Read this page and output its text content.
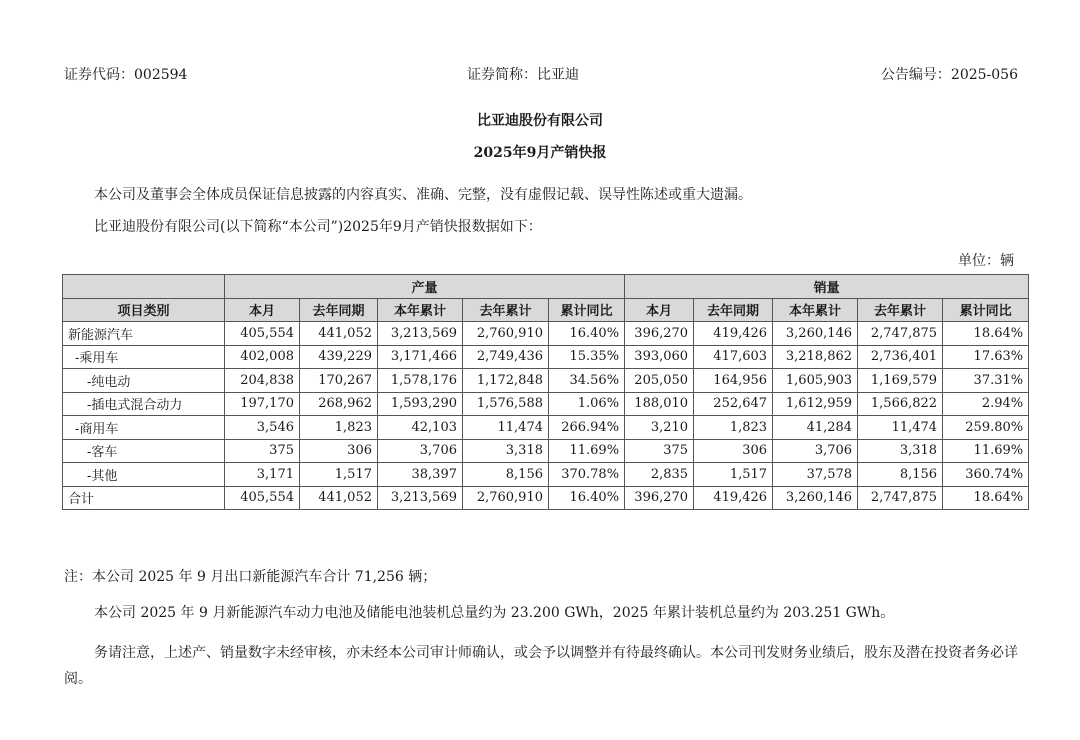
证券代码：002594	证券简称：比亚迪	公告编号：2025-056
比亚迪股份有限公司
2025年9月产销快报
本公司及董事会全体成员保证信息披露的内容真实、准确、完整，没有虚假记载、误导性陈述或重大遗漏。
比亚迪股份有限公司(以下简称“本公司”)2025年9月产销快报数据如下：
单位：辆
	产量					销量				
项目类别	本月	去年同期	本年累计	去年累计	累计同比	本月	去年同期	本年累计	去年累计	累计同比
新能源汽车	405,554	441,052	3,213,569	2,760,910	16.40%	396,270	419,426	3,260,146	2,747,875	18.64%
-乘用车	402,008	439,229	3,171,466	2,749,436	15.35%	393,060	417,603	3,218,862	2,736,401	17.63%
-纯电动	204,838	170,267	1,578,176	1,172,848	34.56%	205,050	164,956	1,605,903	1,169,579	37.31%
-插电式混合动力	197,170	268,962	1,593,290	1,576,588	1.06%	188,010	252,647	1,612,959	1,566,822	2.94%
-商用车	3,546	1,823	42,103	11,474	266.94%	3,210	1,823	41,284	11,474	259.80%
-客车	375	306	3,706	3,318	11.69%	375	306	3,706	3,318	11.69%
-其他	3,171	1,517	38,397	8,156	370.78%	2,835	1,517	37,578	8,156	360.74%
合计	405,554	441,052	3,213,569	2,760,910	16.40%	396,270	419,426	3,260,146	2,747,875	18.64%
注：本公司 2025 年 9 月出口新能源汽车合计 71,256 辆；
本公司 2025 年 9 月新能源汽车动力电池及储能电池装机总量约为 23.200 GWh，2025 年累计装机总量约为 203.251 GWh。
务请注意，上述产、销量数字未经审核，亦未经本公司审计师确认，或会予以调整并有待最终确认。本公司刊发财务业绩后，股东及潜在投资者务必详阅。
